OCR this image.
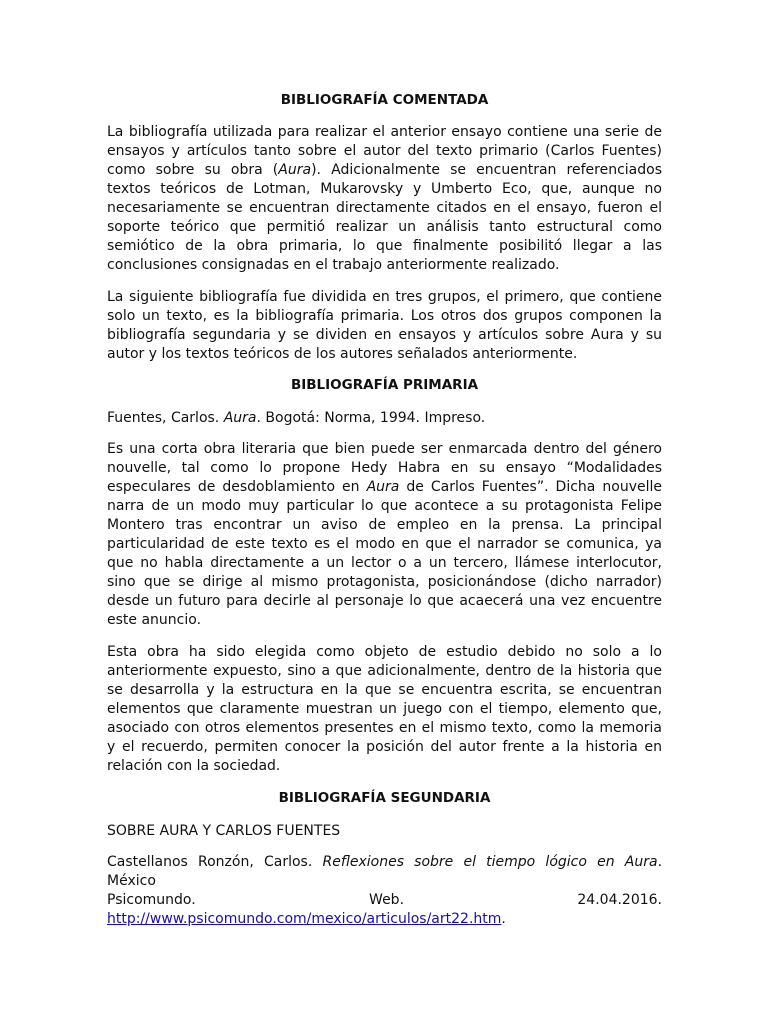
BIBLIOGRAFÍA COMENTADA

La bibliografía utilizada para realizar el anterior ensayo contiene una serie de ensayos y artículos tanto sobre el autor del texto primario (Carlos Fuentes) como sobre su obra (Aura). Adicionalmente se encuentran referenciados textos teóricos de Lotman, Mukarovsky y Umberto Eco, que, aunque no necesariamente se encuentran directamente citados en el ensayo, fueron el soporte teórico que permitió realizar un análisis tanto estructural como semiótico de la obra primaria, lo que finalmente posibilitó llegar a las conclusiones consignadas en el trabajo anteriormente realizado.

La siguiente bibliografía fue dividida en tres grupos, el primero, que contiene solo un texto, es la bibliografía primaria. Los otros dos grupos componen la bibliografía segundaria y se dividen en ensayos y artículos sobre Aura y su autor y los textos teóricos de los autores señalados anteriormente.

BIBLIOGRAFÍA PRIMARIA

Fuentes, Carlos. Aura. Bogotá: Norma, 1994. Impreso.

Es una corta obra literaria que bien puede ser enmarcada dentro del género nouvelle, tal como lo propone Hedy Habra en su ensayo “Modalidades especulares de desdoblamiento en Aura de Carlos Fuentes”. Dicha nouvelle narra de un modo muy particular lo que acontece a su protagonista Felipe Montero tras encontrar un aviso de empleo en la prensa. La principal particularidad de este texto es el modo en que el narrador se comunica, ya que no habla directamente a un lector o a un tercero, llámese interlocutor, sino que se dirige al mismo protagonista, posicionándose (dicho narrador) desde un futuro para decirle al personaje lo que acaecerá una vez encuentre este anuncio.

Esta obra ha sido elegida como objeto de estudio debido no solo a lo anteriormente expuesto, sino a que adicionalmente, dentro de la historia que se desarrolla y la estructura en la que se encuentra escrita, se encuentran elementos que claramente muestran un juego con el tiempo, elemento que, asociado con otros elementos presentes en el mismo texto, como la memoria y el recuerdo, permiten conocer la posición del autor frente a la historia en relación con la sociedad.

BIBLIOGRAFÍA SEGUNDARIA

SOBRE AURA Y CARLOS FUENTES

Castellanos Ronzón, Carlos. Reflexiones sobre el tiempo lógico en Aura. México
Psicomundo.	Web.	24.04.2016.
http://www.psicomundo.com/mexico/articulos/art22.htm.
